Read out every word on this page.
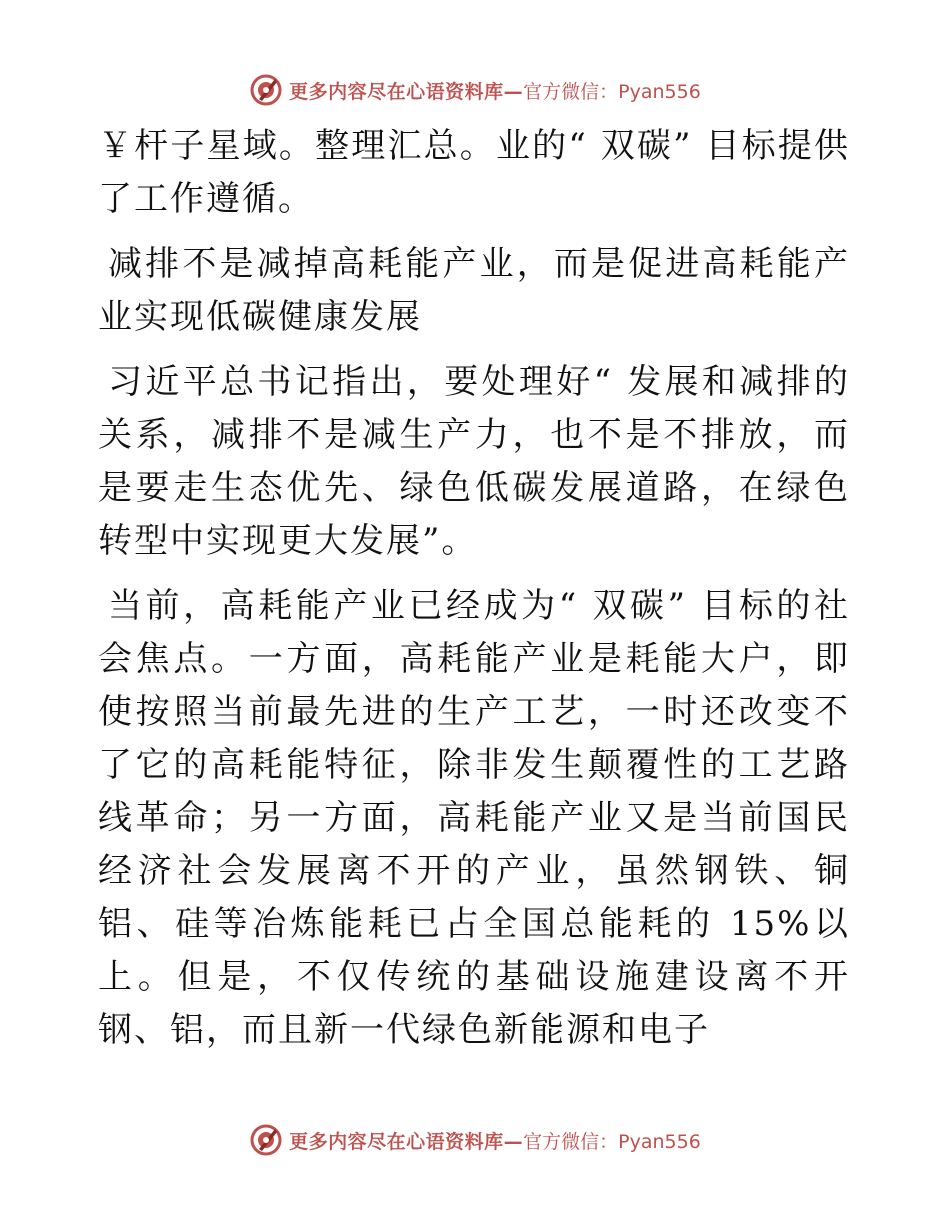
更多内容尽在心语资料库— 官方微信：Pyan556

￥杆子星域。整理汇总。业的“ 双碳” 目标提供了工作遵循。

减排不是减掉高耗能产业，而是促进高耗能产业实现低碳健康发展

习近平总书记指出，要处理好“ 发展和减排的关系，减排不是减生产力，也不是不排放，而是要走生态优先、绿色低碳发展道路，在绿色转型中实现更大发展”。

当前，高耗能产业已经成为“ 双碳” 目标的社会焦点。一方面，高耗能产业是耗能大户，即使按照当前最先进的生产工艺，一时还改变不了它的高耗能特征，除非发生颠覆性的工艺路线革命；另一方面，高耗能产业又是当前国民经济社会发展离不开的产业，虽然钢铁、铜铝、硅等冶炼能耗已占全国总能耗的 15%以上。但是，不仅传统的基础设施建设离不开钢、铝，而且新一代绿色新能源和电子

更多内容尽在心语资料库— 官方微信：Pyan556
